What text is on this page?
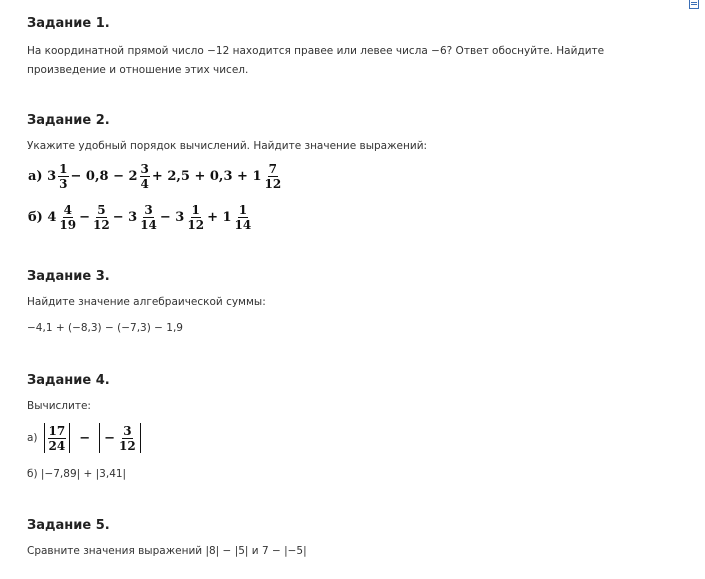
Задание 1.
На координатной прямой число −12 находится правее или левее числа −6? Ответ обоснуйте. Найдите произведение и отношение этих чисел.
Задание 2.
Укажите удобный порядок вычислений. Найдите значение выражений:
а) $3 \frac{1}{3} - 0,8 - 2 \frac{3}{4} + 2,5 + 0,3 + 1 \frac{7}{12}$
б) $4 \frac{4}{19} - \frac{5}{12} - 3 \frac{3}{14} - 3 \frac{1}{12} + 1 \frac{1}{14}$
Задание 3.
Найдите значение алгебраической суммы:
−4,1 + (−8,3) − (−7,3) − 1,9
Задание 4.
Вычислите:
$а) \frac{17}{24}$ − − $\frac{3}{12}$
б) |−7,89| + |3,41|
Задание 5.
Сравните значения выражений |8| − |5| и 7 − |−5|
